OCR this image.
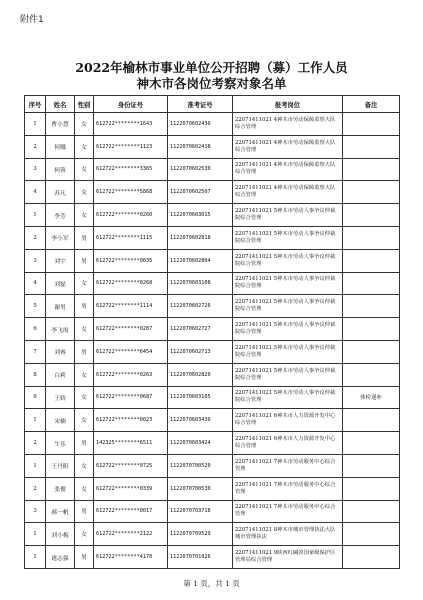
附件1
2022年榆林市事业单位公开招聘（募）工作人员
神木市各岗位考察对象名单
序号	姓名	性别	身份证号	准考证号	报考岗位	备注
1	曹小慧	女	612722********1643	1122070602430	22071411021 4神木市劳动保障监察大队综合管理	
2	何娜	女	612722********1123	1122070602418	22071411021 4神木市劳动保障监察大队综合管理	
3	何蓉	女	612722********3365	1122070602530	22071411021 4神木市劳动保障监察大队综合管理	
4	苏凡	女	612722********5868	1122070602507	22071411021 4神木市劳动保障监察大队综合管理	
1	李芳	女	612722********0260	1122070603015	22071411021 5神木市劳动人事争议仲裁院综合管理	
2	李小军	男	612722********1115	1122070602818	22071411021 5神木市劳动人事争议仲裁院综合管理	
3	刘宇	男	612722********0035	1122070602804	22071411021 5神木市劳动人事争议仲裁院综合管理	
4	刘磊	女	612722********0268	1122070603108	22071411021 5神木市劳动人事争议仲裁院综合管理	
5	谢男	男	612722********1114	1122070602726	22071411021 5神木市劳动人事争议仲裁院综合管理	
6	李飞霞	女	612722********0287	1122070602727	22071411021 5神木市劳动人事争议仲裁院综合管理	
7	刘睿	男	612722********6454	1122070602713	22071411021 5神木市劳动人事争议仲裁院综合管理	
8	白莉	女	612722********0263	1122070602820	22071411021 5神木市劳动人事争议仲裁院综合管理	
9	王娇	女	612722********0687	1122070603105	22071411021 5神木市劳动人事争议仲裁院综合管理	体检递补
1	宋楠	女	612722********0023	1122070603430	22071411021 6神木市人力资源开发中心综合管理	
2	牛乐	男	142325********6511	1122070603424	22071411021 6神木市人力资源开发中心综合管理	
1	王丹阳	女	612722********0725	1122070700520	22071411021 7神木市劳动服务中心综合管理	
2	张俊	女	612722********0339	1122070700530	22071411021 7神木市劳动服务中心综合管理	
3	郝一帆	男	612722********0017	1122070703718	22071411021 7神木市劳动服务中心综合管理	
1	刘小梅	女	612722********2122	1122070709529	22071411021 8神木市城市管理执法大队城市管理执法	
1	遂志强	男	612722********4178	1122070701026	22071411021 9陕西红碱淖国家级保护区管理局综合管理	
第 1 页，共 1 页
